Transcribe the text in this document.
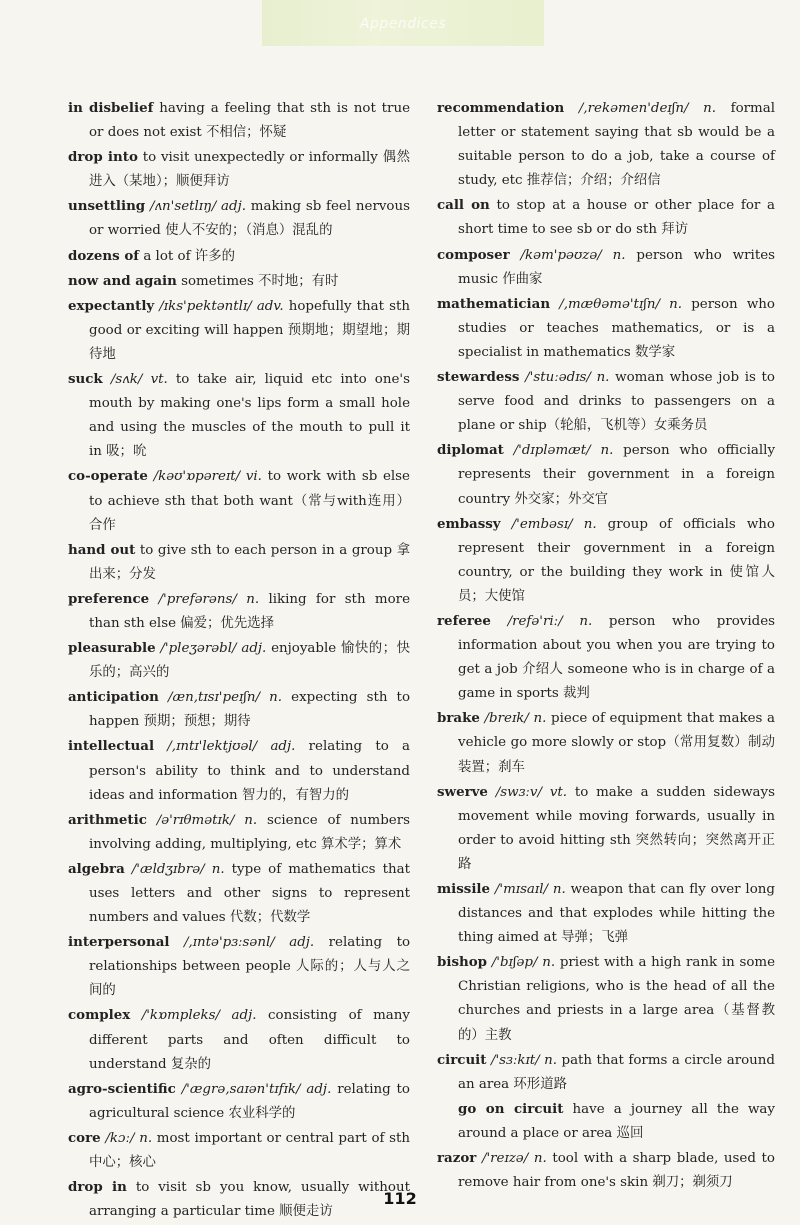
Appendices
in disbelief having a feeling that sth is not true or does not exist 不相信；怀疑
drop into to visit unexpectedly or informally 偶然进入（某地）；顺便拜访
unsettling /ʌn'setlɪŋ/ adj. making sb feel nervous or worried 使人不安的；（消息）混乱的
dozens of a lot of 许多的
now and again sometimes 不时地；有时
expectantly /ɪks'pektəntlɪ/ adv. hopefully that sth good or exciting will happen 预期地；期望地；期待地
suck /sʌk/ vt. to take air, liquid etc into one's mouth by making one's lips form a small hole and using the muscles of the mouth to pull it in 吸；吮
co-operate /kəʊ'ɒpəreɪt/ vi. to work with sb else to achieve sth that both want（常与with连用）合作
hand out to give sth to each person in a group 拿出来；分发
preference /'prefərəns/ n. liking for sth more than sth else 偏爱；优先选择
pleasurable /'pleʒərəbl/ adj. enjoyable 愉快的；快乐的；高兴的
anticipation /æn,tɪsɪ'peɪʃn/ n. expecting sth to happen 预期；预想；期待
intellectual /,ɪntɪ'lektjʊəl/ adj. relating to a person's ability to think and to understand ideas and information 智力的，有智力的
arithmetic /ə'rɪθmətɪk/ n. science of numbers involving adding, multiplying, etc 算术学；算术
algebra /'ældʒɪbrə/ n. type of mathematics that uses letters and other signs to represent numbers and values 代数；代数学
interpersonal /,ɪntə'pɜːsənl/ adj. relating to relationships between people 人际的；人与人之间的
complex /'kɒmpleks/ adj. consisting of many different parts and often difficult to understand 复杂的
agro-scientific /'ægrə,saɪən'tɪfɪk/ adj. relating to agricultural science 农业科学的
core /kɔː/ n. most important or central part of sth 中心；核心
drop in to visit sb you know, usually without arranging a particular time 顺便走访
recommendation /,rekəmen'deɪʃn/ n. formal letter or statement saying that sb would be a suitable person to do a job, take a course of study, etc 推荐信；介绍；介绍信
call on to stop at a house or other place for a short time to see sb or do sth 拜访
composer /kəm'pəʊzə/ n. person who writes music 作曲家
mathematician /,mæθəmə'tɪʃn/ n. person who studies or teaches mathematics, or is a specialist in mathematics 数学家
stewardess /'stuːədɪs/ n. woman whose job is to serve food and drinks to passengers on a plane or ship（轮船，飞机等）女乘务员
diplomat /'dɪpləmæt/ n. person who officially represents their government in a foreign country 外交家；外交官
embassy /'embəsɪ/ n. group of officials who represent their government in a foreign country, or the building they work in 使馆人员；大使馆
referee /refə'riː/ n. person who provides information about you when you are trying to get a job 介绍人 someone who is in charge of a game in sports 裁判
brake /breɪk/ n. piece of equipment that makes a vehicle go more slowly or stop（常用复数）制动装置；刹车
swerve /swɜːv/ vt. to make a sudden sideways movement while moving forwards, usually in order to avoid hitting sth 突然转向；突然离开正路
missile /'mɪsaɪl/ n. weapon that can fly over long distances and that explodes while hitting the thing aimed at 导弹；飞弹
bishop /'bɪʃəp/ n. priest with a high rank in some Christian religions, who is the head of all the churches and priests in a large area（基督教的）主教
circuit /'sɜːkɪt/ n. path that forms a circle around an area 环形道路
go on circuit have a journey all the way around a place or area 巡回
razor /'reɪzə/ n. tool with a sharp blade, used to remove hair from one's skin 剃刀；剃须刀
112
